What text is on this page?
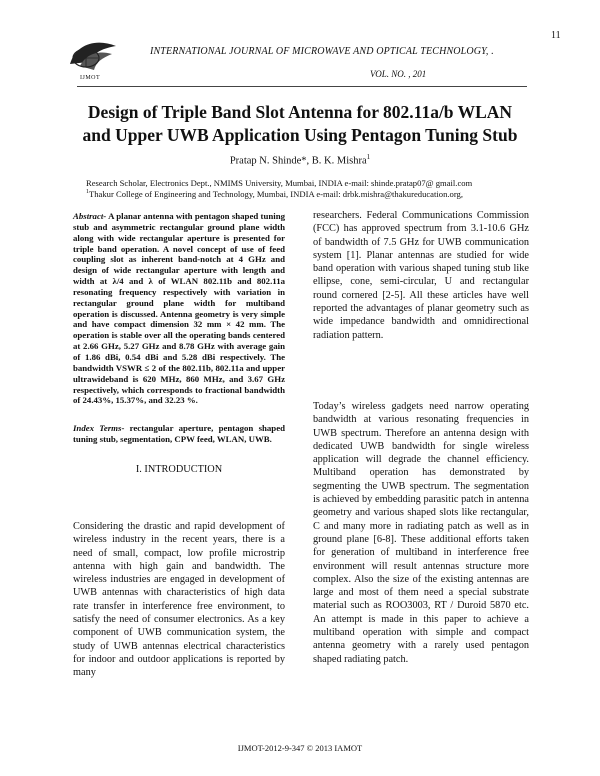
11
IJMOT
INTERNATIONAL JOURNAL OF MICROWAVE AND OPTICAL TECHNOLOGY, .
VOL. NO. , 201
Design of Triple Band Slot Antenna for 802.11a/b WLAN
and Upper UWB Application Using Pentagon Tuning Stub
Pratap N. Shinde*, B. K. Mishra$^1$
Research Scholar, Electronics Dept., NMIMS University, Mumbai, INDIA e-mail: shinde.pratap07@ gmail.com
$^1$Thakur College of Engineering and Technology, Mumbai, INDIA e-mail: drbk.mishra@thakureducation.org,
Abstract- A planar antenna with pentagon shaped tuning stub and asymmetric rectangular ground plane width along with wide rectangular aperture is presented for triple band operation. A novel concept of use of feed coupling slot as inherent band-notch at 4 GHz and design of wide rectangular aperture with length and width at λ/4 and λ of WLAN 802.11b and 802.11a resonating frequency respectively with variation in rectangular ground plane width for multiband operation is discussed. Antenna geometry is very simple and have compact dimension 32 mm × 42 mm. The operation is stable over all the operating bands centered at 2.66 GHz, 5.27 GHz and 8.78 GHz with average gain of 1.86 dBi, 0.54 dBi and 5.28 dBi respectively. The bandwidth VSWR ≤ 2 of the 802.11b, 802.11a and upper ultrawideband is 620 MHz, 860 MHz, and 3.67 GHz respectively, which corresponds to fractional bandwidth of 24.43%, 15.37%, and 32.23 %.
Index Terms- rectangular aperture, pentagon shaped tuning stub, segmentation, CPW feed, WLAN, UWB.
I. INTRODUCTION
Considering the drastic and rapid development of wireless industry in the recent years, there is a need of small, compact, low profile microstrip antenna with high gain and bandwidth. The wireless industries are engaged in development of UWB antennas with characteristics of high data rate transfer in interference free environment, to satisfy the need of consumer electronics. As a key component of UWB communication system, the study of UWB antennas electrical characteristics for indoor and outdoor applications is reported by many
researchers. Federal Communications Commission (FCC) has approved spectrum from 3.1-10.6 GHz of bandwidth of 7.5 GHz for UWB communication system [1]. Planar antennas are studied for wide band operation with various shaped tuning stub like ellipse, cone, semi-circular, U and rectangular round cornered [2-5]. All these articles have well reported the advantages of planar geometry such as wide impedance bandwidth and omnidirectional radiation pattern.
Today’s wireless gadgets need narrow operating bandwidth at various resonating frequencies in UWB spectrum. Therefore an antenna design with dedicated UWB bandwidth for single wireless application will degrade the channel efficiency. Multiband operation has demonstrated by segmenting the UWB spectrum. The segmentation is achieved by embedding parasitic patch in antenna geometry and various shaped slots like rectangular, C and many more in radiating patch as well as in ground plane [6-8]. These additional efforts taken for generation of multiband in interference free environment will result antennas structure more complex. Also the size of the existing antennas are large and most of them need a special substrate material such as ROO3003, RT / Duroid 5870 etc. An attempt is made in this paper to achieve a multiband operation with simple and compact antenna geometry with a rarely used pentagon shaped radiating patch.
IJMOT-2012-9-347 © 2013 IAMOT
